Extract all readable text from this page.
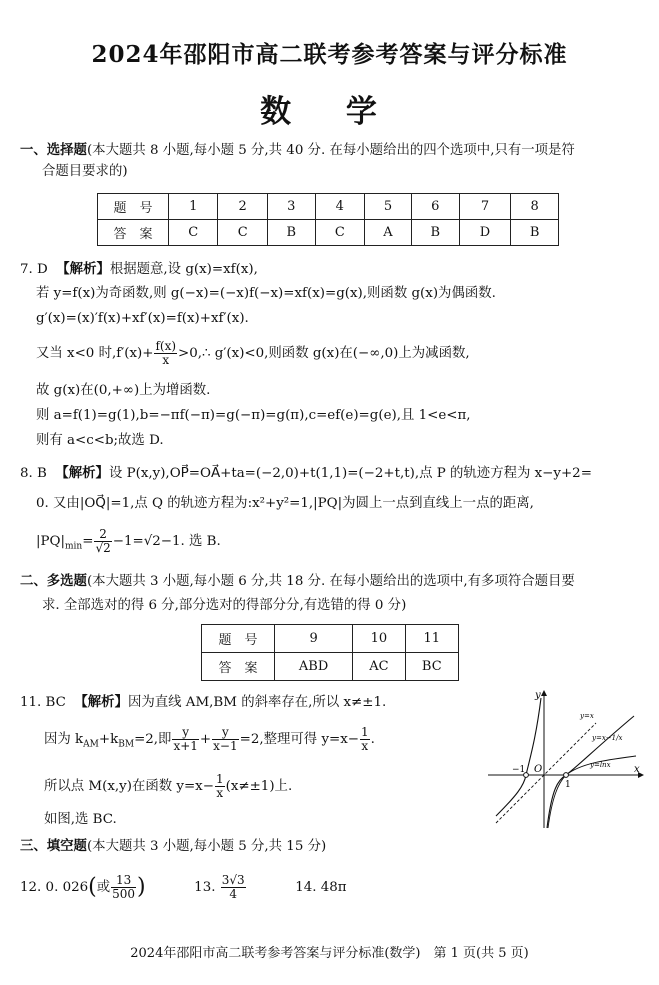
2024年邵阳市高二联考参考答案与评分标准
数 学
一、选择题(本大题共 8 小题,每小题 5 分,共 40 分. 在每小题给出的四个选项中,只有一项是符
合题目要求的)
题　号	1	2	3	4	5	6	7	8
答　案	C	C	B	C	A	B	D	B
7. D 【解析】根据题意,设 g(x)=xf(x),
若 y=f(x)为奇函数,则 g(−x)=(−x)f(−x)=xf(x)=g(x),则函数 g(x)为偶函数.
g′(x)=(x)′f(x)+xf′(x)=f(x)+xf′(x).
又当 x<0 时$,f'(x)+ \frac{f(x)}{x}$ >0,∴ g′(x)<0,则函数 g(x)在(−∞,0)上为减函数,
故 g(x)在(0,+∞)上为增函数.
则 a=f(1)=g(1),b=−πf(−π)=g(−π)=g(π),c=ef(e)=g(e),且 1<e<π,
则有 a<c<b;故选 D.
8. B 【解析】设 P(x,y),OP⃗=OA⃗+ta=(−2,0)+t(1,1)=(−2+t,t),点 P 的轨迹方程为 x−y+2=
0. 又由|OQ⃗|=1,点 Q 的轨迹方程为:x²+y²=1,|PQ|为圆上一点到直线上一点的距离,
$|PQ|_{min}= \frac{2}{√2} -1=√2-1$. 选 B.
二、多选题(本大题共 3 小题,每小题 6 分,共 18 分. 在每小题给出的选项中,有多项符合题目要
求. 全部选对的得 6 分,部分选对的得部分分,有选错的得 0 分)
题　号	9	10	11
答　案	ABD	AC	BC
11. BC 【解析】因为直线 AM,BM 的斜率存在,所以 x≠±1.
因为 $k_{AM}+k_{BM}=2$,即 $\frac{y}{x+1} + \frac{y}{x-1} =2$,整理可得 $y=x- \frac{1}{x}$ .
所以点 M(x,y)在函数 $y=x- \frac{1}{x} (x\ne\pm 1)$上.
如图,选 BC.
y
x
O
−1
1
y=x
y=x−1/x
y=lnx
三、填空题(本大题共 3 小题,每小题 5 分,共 15 分)
12. 0. 026(或 $\frac{13}{500}$ )	13. $\frac{3√3}{4}$	14. 48π
2024年邵阳市高二联考参考答案与评分标准(数学)　第 1 页(共 5 页)
